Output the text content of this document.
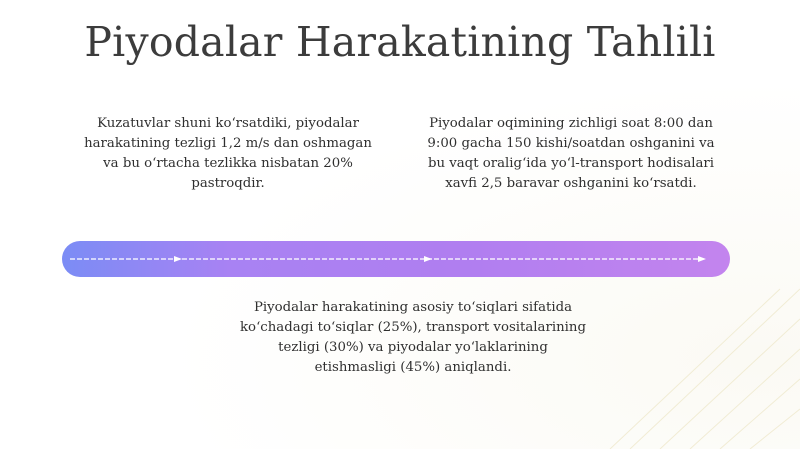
Piyodalar Harakatining Tahlili

Kuzatuvlar shuni ko‘rsatdiki, piyodalar harakatining tezligi 1,2 m/s dan oshmagan va bu o‘rtacha tezlikka nisbatan 20% pastroqdir.

Piyodalar oqimining zichligi soat 8:00 dan 9:00 gacha 150 kishi/soatdan oshganini va bu vaqt oralig‘ida yo‘l-transport hodisalari xavfi 2,5 baravar oshganini ko‘rsatdi.

Piyodalar harakatining asosiy to‘siqlari sifatida ko‘chadagi to‘siqlar (25%), transport vositalarining tezligi (30%) va piyodalar yo‘laklarining etishmasligi (45%) aniqlandi.
